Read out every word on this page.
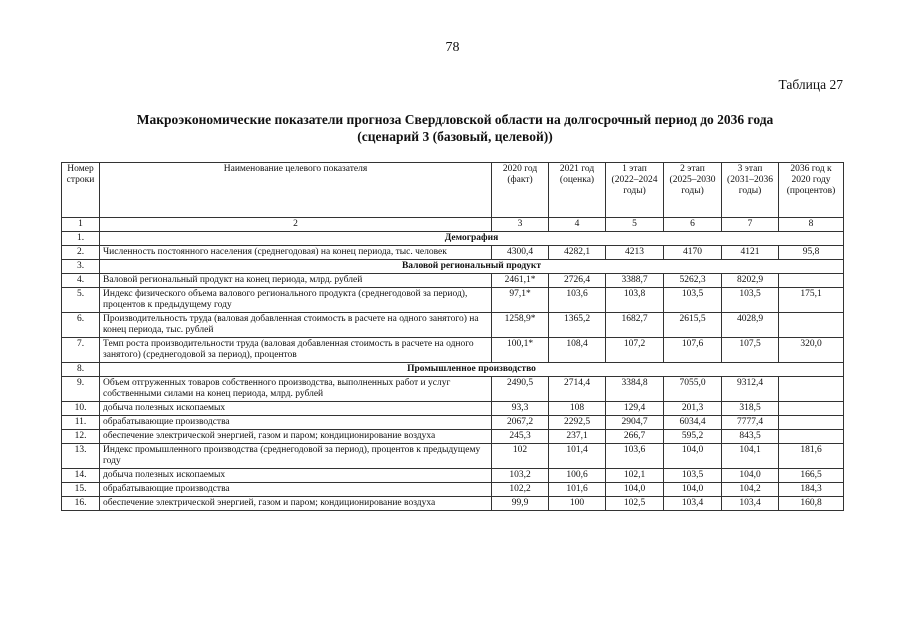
78
Таблица 27
Макроэкономические показатели прогноза Свердловской области на долгосрочный период до 2036 года
(сценарий 3 (базовый, целевой))
Номер строки	Наименование целевого показателя	2020 год (факт)	2021 год (оценка)	1 этап (2022–2024 годы)	2 этап (2025–2030 годы)	3 этап (2031–2036 годы)	2036 год к 2020 году (процентов)
1	2	3	4	5	6	7	8
1.	Демография						
2.	Численность постоянного населения (среднегодовая) на конец периода, тыс. человек	4300,4	4282,1	4213	4170	4121	95,8
3.	Валовой региональный продукт						
4.	Валовой региональный продукт на конец периода, млрд. рублей	2461,1*	2726,4	3388,7	5262,3	8202,9	
5.	Индекс физического объема валового регионального продукта (среднегодовой за период), процентов к предыдущему году	97,1*	103,6	103,8	103,5	103,5	175,1
6.	Производительность труда (валовая добавленная стоимость в расчете на одного занятого) на конец периода, тыс. рублей	1258,9*	1365,2	1682,7	2615,5	4028,9	
7.	Темп роста производительности труда (валовая добавленная стоимость в расчете на одного занятого) (среднегодовой за период), процентов	100,1*	108,4	107,2	107,6	107,5	320,0
8.	Промышленное производство						
9.	Объем отгруженных товаров собственного производства, выполненных работ и услуг собственными силами на конец периода, млрд. рублей	2490,5	2714,4	3384,8	7055,0	9312,4	
10.	добыча полезных ископаемых	93,3	108	129,4	201,3	318,5	
11.	обрабатывающие производства	2067,2	2292,5	2904,7	6034,4	7777,4	
12.	обеспечение электрической энергией, газом и паром; кондиционирование воздуха	245,3	237,1	266,7	595,2	843,5	
13.	Индекс промышленного производства (среднегодовой за период), процентов к предыдущему году	102	101,4	103,6	104,0	104,1	181,6
14.	добыча полезных ископаемых	103,2	100,6	102,1	103,5	104,0	166,5
15.	обрабатывающие производства	102,2	101,6	104,0	104,0	104,2	184,3
16.	обеспечение электрической энергией, газом и паром; кондиционирование воздуха	99,9	100	102,5	103,4	103,4	160,8
